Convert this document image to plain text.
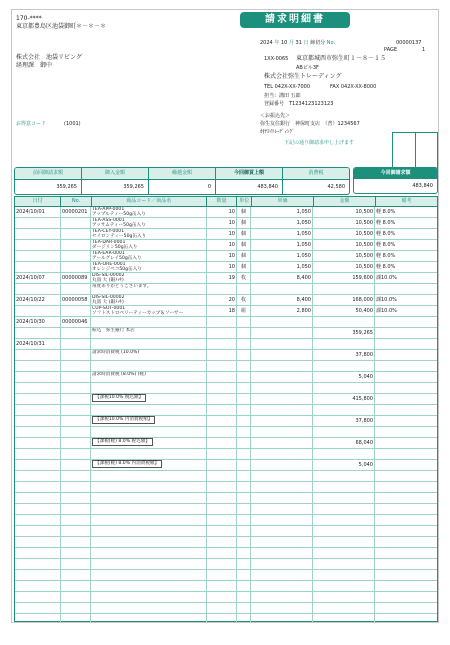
請求明細書
170-****
東京都豊島区池袋御町＊－＊－＊
株式会社　池袋リビング
経理課　御中
お得意コード	(1001)
2024 年 10 月 31 日 締切分 No.	00000137
PAGE	1
1XX-0065 東京都城西市弥生町１－８－１５
ABビル3F
株式会社弥生トレーディング
TEL 042X-XX-7000	FAX 042X-XX-8000
担当：溝田 五郎
登録番号　T1234123123123
＜お振込先＞
弥生友住銀行　神保町支店　（普）1234567
ｶ)ﾔﾖｲﾄﾚｰﾃﾞｨﾝｸﾞ
下記の通り御請求申し上げます
前回御請求額	御入金額	繰越金額	今回御買上額	消費税
359,265	359,265	0	483,840	42,580
今回御請求額
483,840
日付	No.	商品コード／商品名	数量	単位	単価	金額	備考
2024/10/01	00000201 TEA-APP-0001
アップルティー50g缶入り	10	個	1,050	10,500 軽 8.0%
TEA-ASS-0001
アッサムティー50g缶入り	10	個	1,050	10,500 軽 8.0%
TEA-CEY-0001
セイロンティー50g缶入り	10	個	1,050	10,500 軽 8.0%
TEA-DAR-0001
ダージリン50g缶入り	10	個	1,050	10,500 軽 8.0%
TEA-EAR-0001
アールグレイ50g缶入り	10	個	1,050	10,500 軽 8.0%
TEA-ORE-0001
オレンジペコ50g缶入り	10	個	1,050	10,500 軽 8.0%
2024/10/07	00000089 DIS-SIL-00002
丸皿 大 (銀ﾒｯｷ)	19	枚	8,400	159,600 課10.0%
毎度ありがとうございます。
2024/10/22	00000058 DIS-SIL-00002
丸皿 大 (銀ﾒｯｷ)	20	枚	8,400	168,000 課10.0%
CUP-SOT-0001
ソフトストロベリーティーカップ＆ソーサー	18	組	2,800	50,400 課10.0%
2024/10/30	00000046
振込　弥生銀行 本店	359,265
2024/10/31
請求時消費税 (10.0%)	37,800
請求時消費税 (8.0%) (軽)	5,040
【課税10.0% 税込額】	415,800
【課税10.0% 内消費税額】	37,800
【課税(軽) 8.0% 税込額】	68,040
【課税(軽) 8.0% 内消費税額】	5,040
